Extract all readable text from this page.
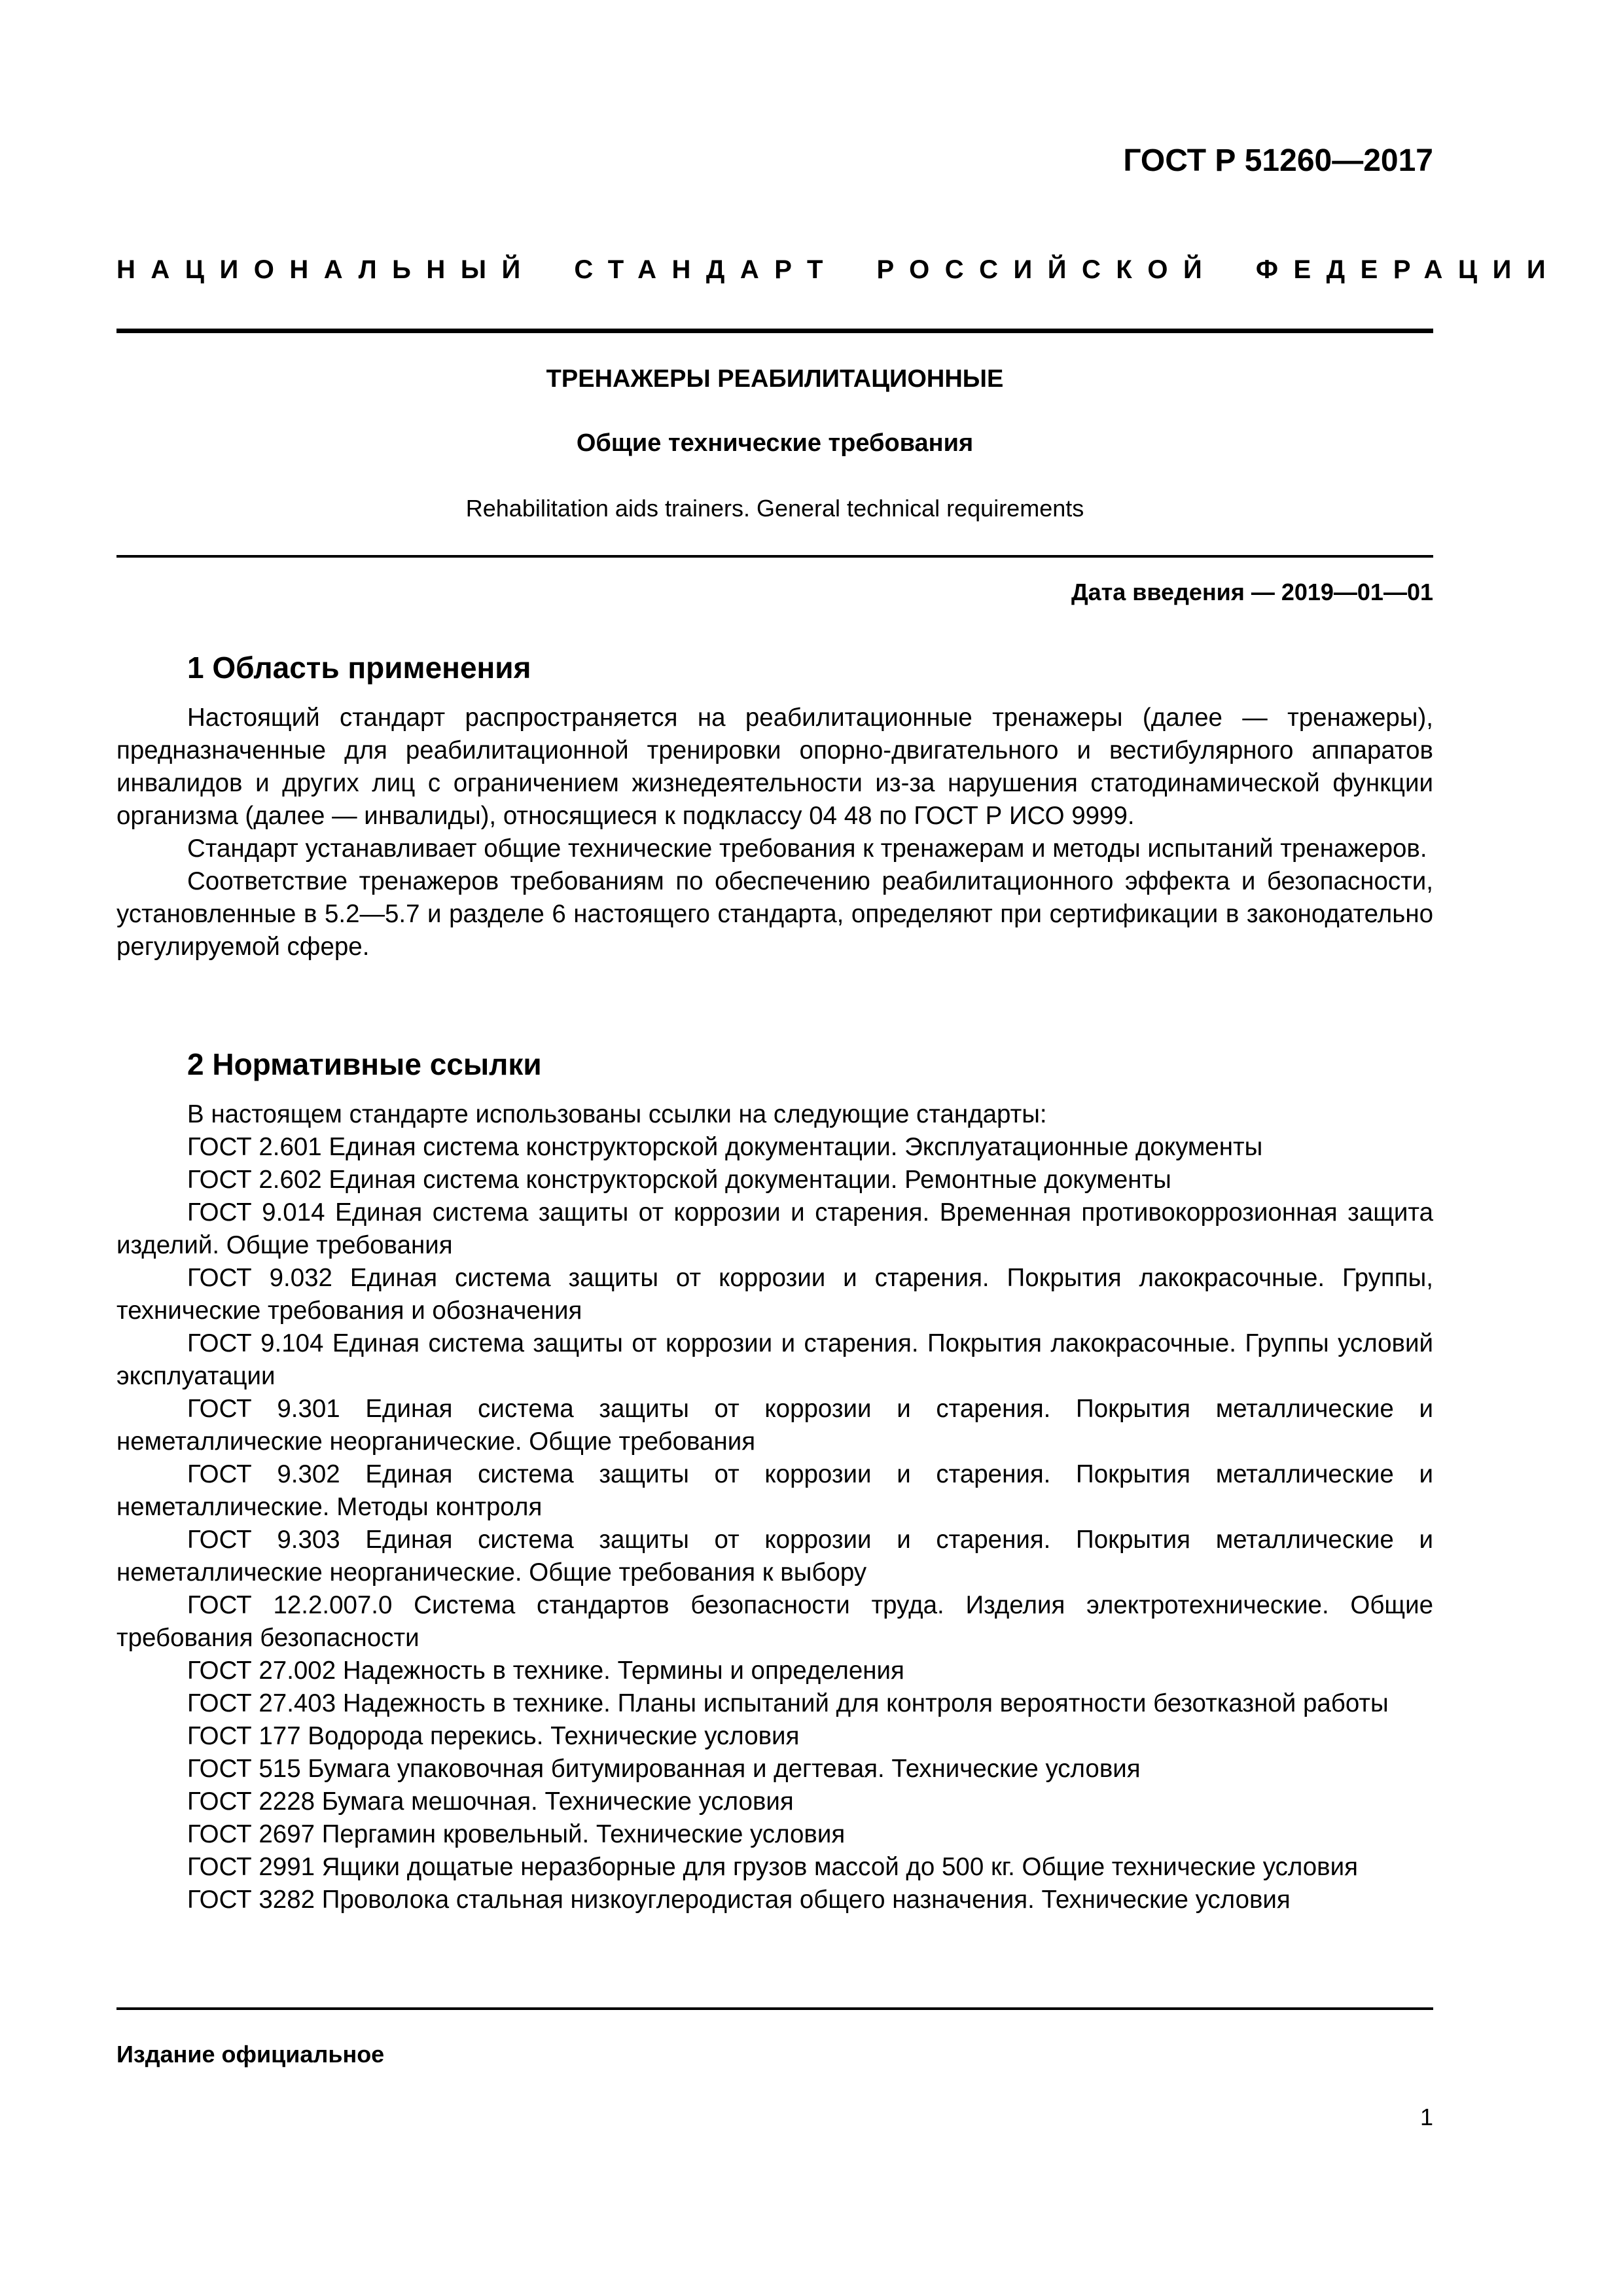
ГОСТ Р 51260—2017
НАЦИОНАЛЬНЫЙ СТАНДАРТ РОССИЙСКОЙ ФЕДЕРАЦИИ
ТРЕНАЖЕРЫ РЕАБИЛИТАЦИОННЫЕ
Общие технические требования
Rehabilitation aids trainers. General technical requirements
Дата введения — 2019—01—01
1 Область применения

Настоящий стандарт распространяется на реабилитационные тренажеры (далее — тренажеры), предназначенные для реабилитационной тренировки опорно-двигательного и вестибулярного аппаратов инвалидов и других лиц с ограничением жизнедеятельности из-за нарушения статодинамической функции организма (далее — инвалиды), относящиеся к подклассу 04 48 по ГОСТ Р ИСО 9999.

Стандарт устанавливает общие технические требования к тренажерам и методы испытаний тренажеров.

Соответствие тренажеров требованиям по обеспечению реабилитационного эффекта и безопасности, установленные в 5.2—5.7 и разделе 6 настоящего стандарта, определяют при сертификации в законодательно регулируемой сфере.

2 Нормативные ссылки

В настоящем стандарте использованы ссылки на следующие стандарты:

ГОСТ 2.601 Единая система конструкторской документации. Эксплуатационные документы

ГОСТ 2.602 Единая система конструкторской документации. Ремонтные документы

ГОСТ 9.014 Единая система защиты от коррозии и старения. Временная противокоррозионная защита изделий. Общие требования

ГОСТ 9.032 Единая система защиты от коррозии и старения. Покрытия лакокрасочные. Группы, технические требования и обозначения

ГОСТ 9.104 Единая система защиты от коррозии и старения. Покрытия лакокрасочные. Группы условий эксплуатации

ГОСТ 9.301 Единая система защиты от коррозии и старения. Покрытия металлические и неметаллические неорганические. Общие требования

ГОСТ 9.302 Единая система защиты от коррозии и старения. Покрытия металлические и неметаллические. Методы контроля

ГОСТ 9.303 Единая система защиты от коррозии и старения. Покрытия металлические и неметаллические неорганические. Общие требования к выбору

ГОСТ 12.2.007.0 Система стандартов безопасности труда. Изделия электротехнические. Общие требования безопасности

ГОСТ 27.002 Надежность в технике. Термины и определения

ГОСТ 27.403 Надежность в технике. Планы испытаний для контроля вероятности безотказной работы

ГОСТ 177 Водорода перекись. Технические условия

ГОСТ 515 Бумага упаковочная битумированная и дегтевая. Технические условия

ГОСТ 2228 Бумага мешочная. Технические условия

ГОСТ 2697 Пергамин кровельный. Технические условия

ГОСТ 2991 Ящики дощатые неразборные для грузов массой до 500 кг. Общие технические условия

ГОСТ 3282 Проволока стальная низкоуглеродистая общего назначения. Технические условия

Издание официальное
1
